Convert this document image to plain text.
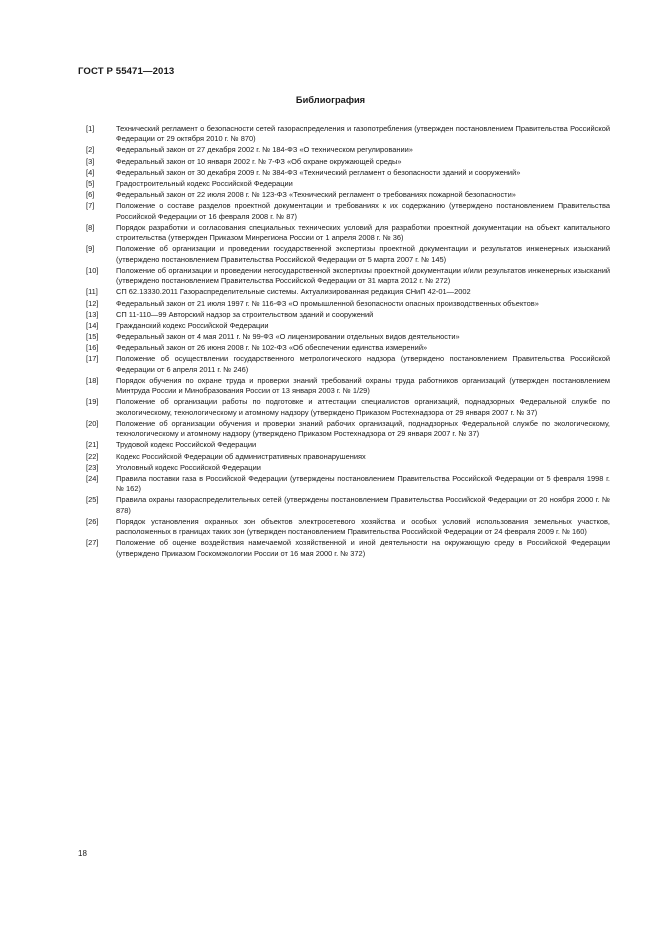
ГОСТ Р 55471—2013
Библиография
[1]	Технический регламент о безопасности сетей газораспределения и газопотребления (утвержден постановлением Правительства Российской Федерации от 29 октября 2010 г. № 870)
[2]	Федеральный закон от 27 декабря 2002 г. № 184-ФЗ «О техническом регулировании»
[3]	Федеральный закон от 10 января 2002 г. № 7-ФЗ «Об охране окружающей среды»
[4]	Федеральный закон от 30 декабря 2009 г. № 384-ФЗ «Технический регламент о безопасности зданий и сооружений»
[5]	Градостроительный кодекс Российской Федерации
[6]	Федеральный закон от 22 июля 2008 г. № 123-ФЗ «Технический регламент о требованиях пожарной безопасности»
[7]	Положение о составе разделов проектной документации и требованиях к их содержанию (утверждено постановлением Правительства Российской Федерации от 16 февраля 2008 г. № 87)
[8]	Порядок разработки и согласования специальных технических условий для разработки проектной документации на объект капитального строительства (утвержден Приказом Минрегиона России от 1 апреля 2008 г. № 36)
[9]	Положение об организации и проведении государственной экспертизы проектной документации и результатов инженерных изысканий (утверждено постановлением Правительства Российской Федерации от 5 марта 2007 г. № 145)
[10]	Положение об организации и проведении негосударственной экспертизы проектной документации и/или результатов инженерных изысканий (утверждено постановлением Правительства Российской Федерации от 31 марта 2012 г. № 272)
[11]	СП 62.13330.2011 Газораспределительные системы. Актуализированная редакция СНиП 42-01—2002
[12]	Федеральный закон от 21 июля 1997 г. № 116-ФЗ «О промышленной безопасности опасных производственных объектов»
[13]	СП 11-110—99 Авторский надзор за строительством зданий и сооружений
[14]	Гражданский кодекс Российской Федерации
[15]	Федеральный закон от 4 мая 2011 г. № 99-ФЗ «О лицензировании отдельных видов деятельности»
[16]	Федеральный закон от 26 июня 2008 г. № 102-ФЗ «Об обеспечении единства измерений»
[17]	Положение об осуществлении государственного метрологического надзора (утверждено постановлением Правительства Российской Федерации от 6 апреля 2011 г. № 246)
[18]	Порядок обучения по охране труда и проверки знаний требований охраны труда работников организаций (утвержден постановлением Минтруда России и Минобразования России от 13 января 2003 г. № 1/29)
[19]	Положение об организации работы по подготовке и аттестации специалистов организаций, поднадзорных Федеральной службе по экологическому, технологическому и атомному надзору (утверждено Приказом Ростехнадзора от 29 января 2007 г. № 37)
[20]	Положение об организации обучения и проверки знаний рабочих организаций, поднадзорных Федеральной службе по экологическому, технологическому и атомному надзору (утверждено Приказом Ростехнадзора от 29 января 2007 г. № 37)
[21]	Трудовой кодекс Российской Федерации
[22]	Кодекс Российской Федерации об административных правонарушениях
[23]	Уголовный кодекс Российской Федерации
[24]	Правила поставки газа в Российской Федерации (утверждены постановлением Правительства Российской Федерации от 5 февраля 1998 г. № 162)
[25]	Правила охраны газораспределительных сетей (утверждены постановлением Правительства Российской Федерации от 20 ноября 2000 г. № 878)
[26]	Порядок установления охранных зон объектов электросетевого хозяйства и особых условий использования земельных участков, расположенных в границах таких зон (утвержден постановлением Правительства Российской Федерации от 24 февраля 2009 г. № 160)
[27]	Положение об оценке воздействия намечаемой хозяйственной и иной деятельности на окружающую среду в Российской Федерации (утверждено Приказом Госкомэкологии России от 16 мая 2000 г. № 372)
18
